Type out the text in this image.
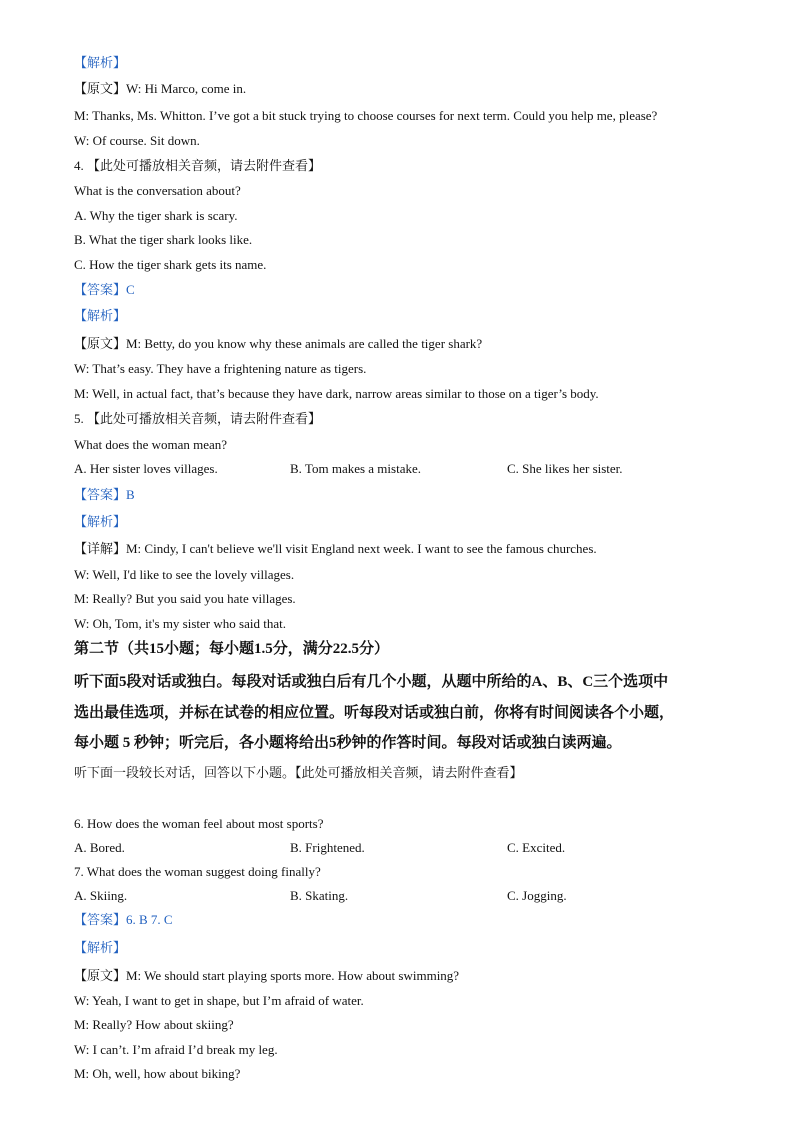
【解析】
【原文】W: Hi Marco, come in.
M: Thanks, Ms. Whitton. I’ve got a bit stuck trying to choose courses for next term. Could you help me, please?
W: Of course. Sit down.
4. 【此处可播放相关音频，请去附件查看】
What is the conversation about?
A. Why the tiger shark is scary.
B. What the tiger shark looks like.
C. How the tiger shark gets its name.
【答案】C
【解析】
【原文】M: Betty, do you know why these animals are called the tiger shark?
W: That’s easy. They have a frightening nature as tigers.
M: Well, in actual fact, that’s because they have dark, narrow areas similar to those on a tiger’s body.
5. 【此处可播放相关音频，请去附件查看】
What does the woman mean?
A. Her sister loves villages.	B. Tom makes a mistake.	C. She likes her sister.
【答案】B
【解析】
【详解】M: Cindy, I can't believe we'll visit England next week. I want to see the famous churches.
W: Well, I'd like to see the lovely villages.
M: Really? But you said you hate villages.
W: Oh, Tom, it's my sister who said that.
第二节（共15小题；每小题1.5分，满分22.5分）
听下面5段对话或独白。每段对话或独白后有几个小题，从题中所给的A、B、C三个选项中
选出最佳选项，并标在试卷的相应位置。听每段对话或独白前，你将有时间阅读各个小题，
每小题 5 秒钟；听完后，各小题将给出5秒钟的作答时间。每段对话或独白读两遍。
听下面一段较长对话，回答以下小题。【此处可播放相关音频，请去附件查看】
6. How does the woman feel about most sports?
A. Bored.	B. Frightened.	C. Excited.
7. What does the woman suggest doing finally?
A. Skiing.	B. Skating.	C. Jogging.
【答案】6. B 7. C
【解析】
【原文】M: We should start playing sports more. How about swimming?
W: Yeah, I want to get in shape, but I’m afraid of water.
M: Really? How about skiing?
W: I can’t. I’m afraid I’d break my leg.
M: Oh, well, how about biking?
